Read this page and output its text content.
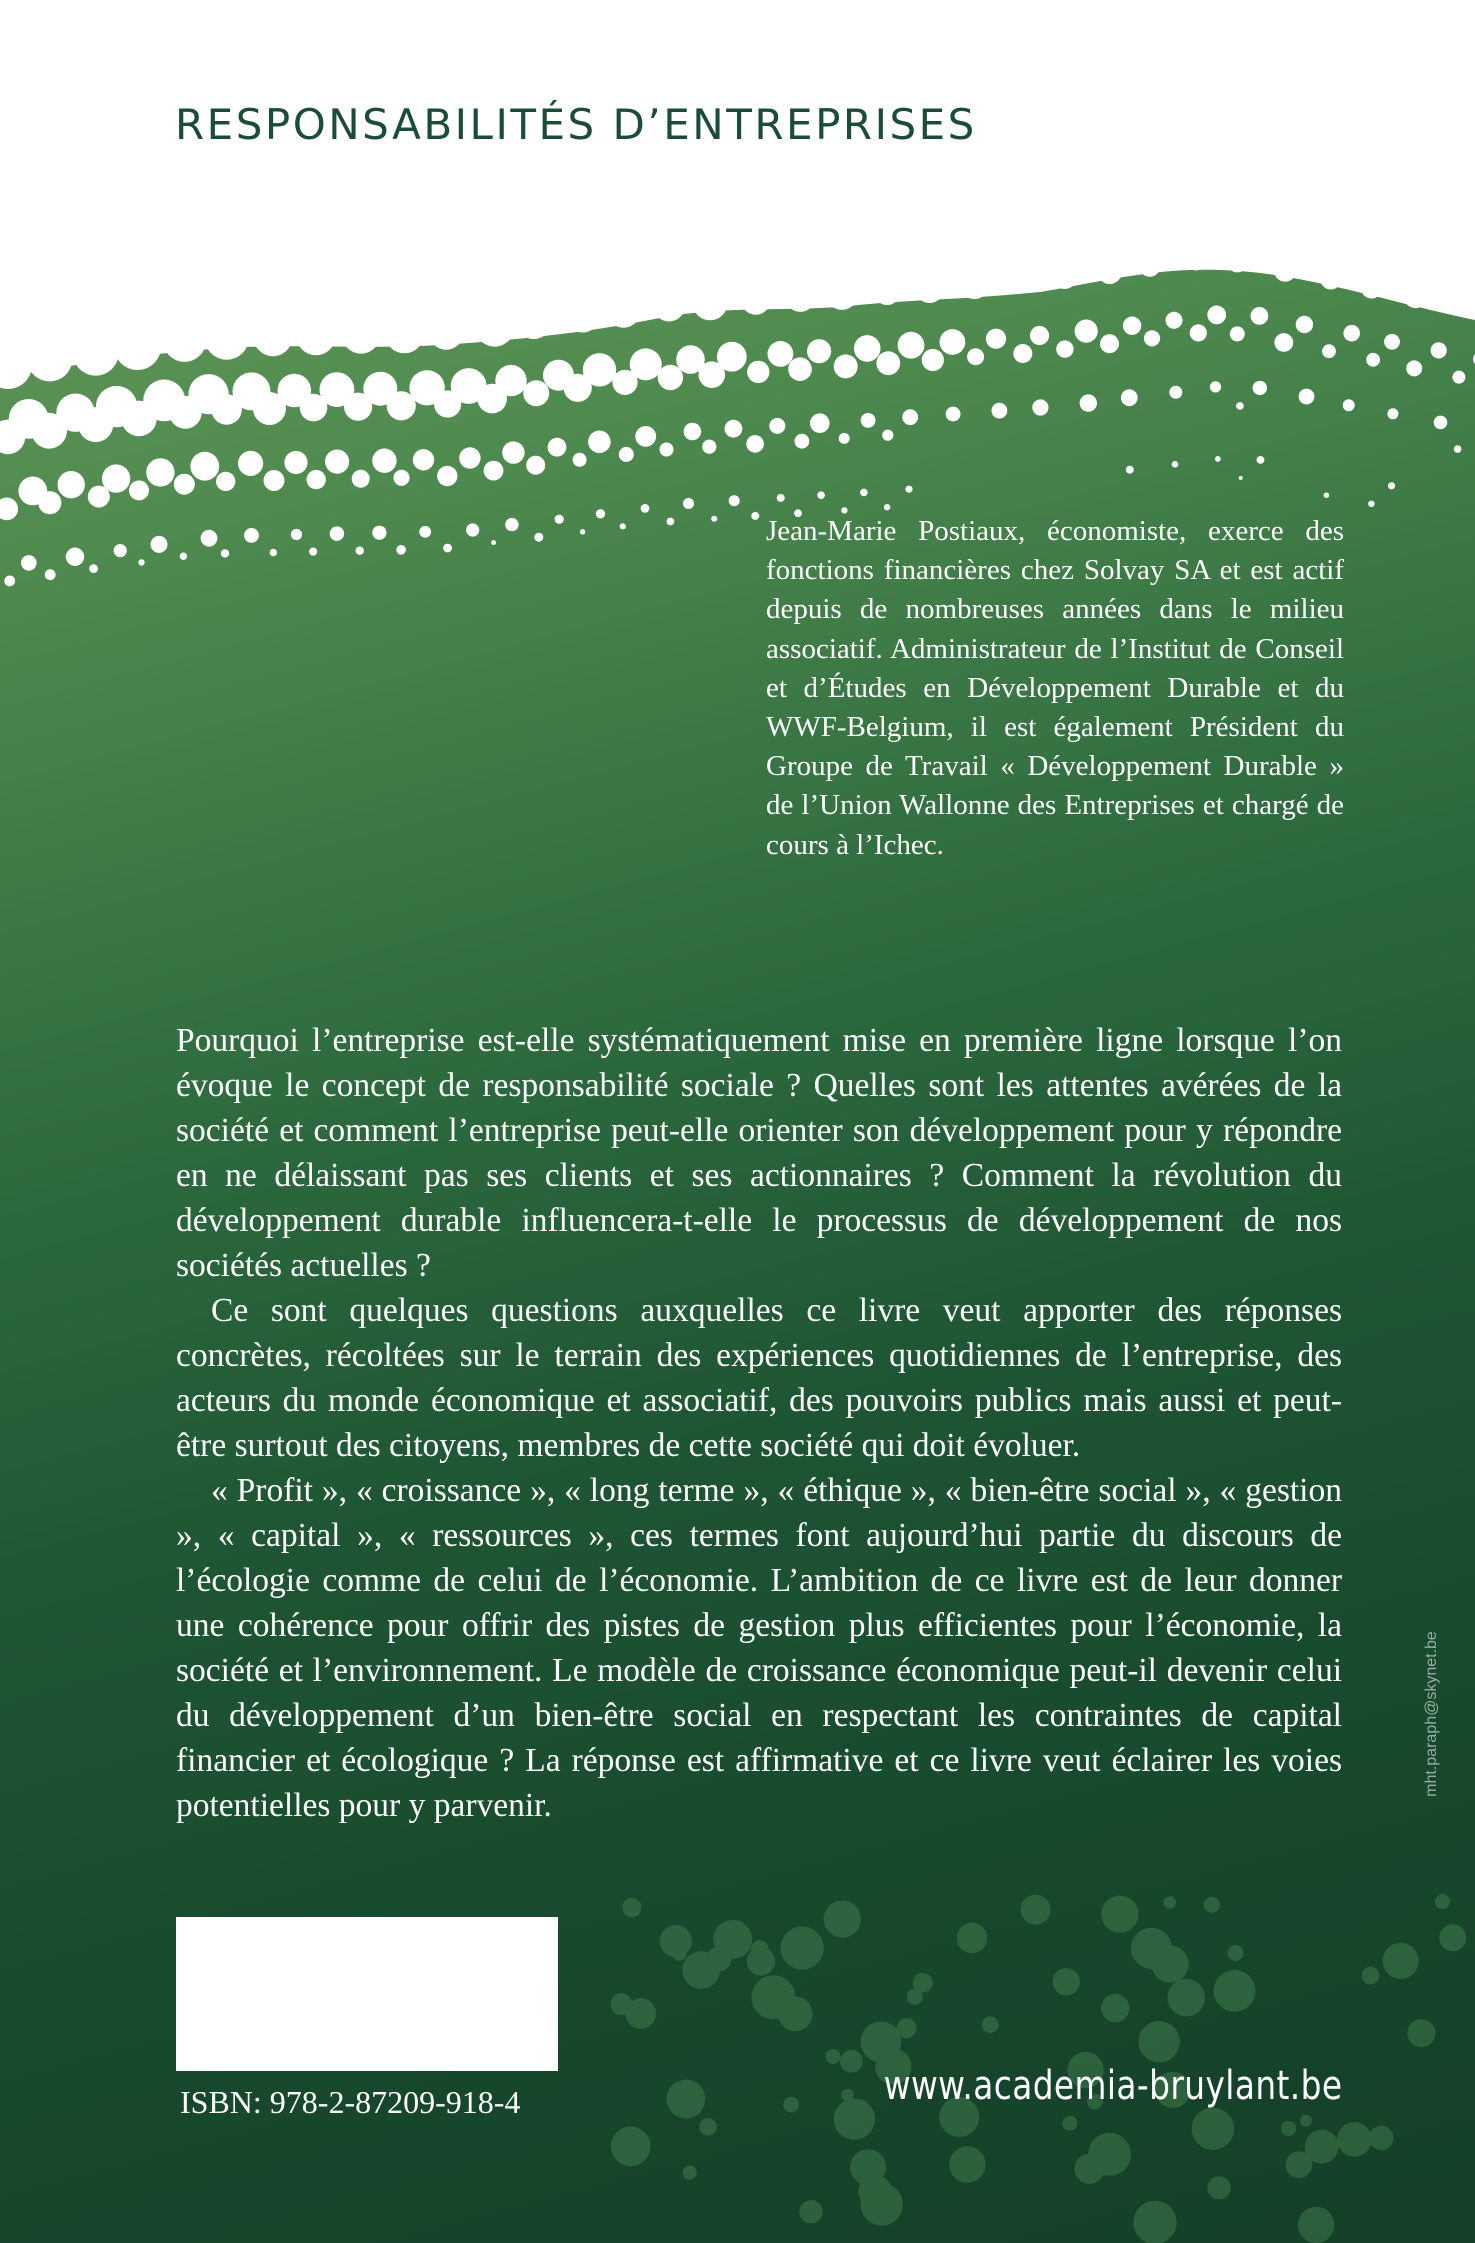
RESPONSABILITÉS D’ENTREPRISES

Jean-Marie Postiaux, économiste, exerce des fonctions financières chez Solvay SA et est actif depuis de nombreuses années dans le milieu associatif. Administrateur de l’Institut de Conseil et d’Études en Développement Durable et du WWF-Belgium, il est également Président du Groupe de Travail « Développement Durable » de l’Union Wallonne des Entreprises et chargé de cours à l’Ichec.

Pourquoi l’entreprise est-elle systématiquement mise en première ligne lorsque l’on évoque le concept de responsabilité sociale ? Quelles sont les attentes avérées de la société et comment l’entreprise peut-elle orienter son développement pour y répondre en ne délaissant pas ses clients et ses actionnaires ? Comment la révolution du développement durable influencera-t-elle le processus de développement de nos sociétés actuelles ?

Ce sont quelques questions auxquelles ce livre veut apporter des réponses concrètes, récoltées sur le terrain des expériences quotidiennes de l’entreprise, des acteurs du monde économique et associatif, des pouvoirs publics mais aussi et peut-être surtout des citoyens, membres de cette société qui doit évoluer.

« Profit », « croissance », « long terme », « éthique », « bien-être social », « gestion », « capital », « ressources », ces termes font aujourd’hui partie du discours de l’écologie comme de celui de l’économie. L’ambition de ce livre est de leur donner une cohérence pour offrir des pistes de gestion plus efficientes pour l’économie, la société et l’environnement. Le modèle de croissance économique peut-il devenir celui du développement d’un bien-être social en respectant les contraintes de capital financier et écologique ? La réponse est affirmative et ce livre veut éclairer les voies potentielles pour y parvenir.

ISBN: 978-2-87209-918-4	www.academia-bruylant.be

mht.paraph@skynet.be
